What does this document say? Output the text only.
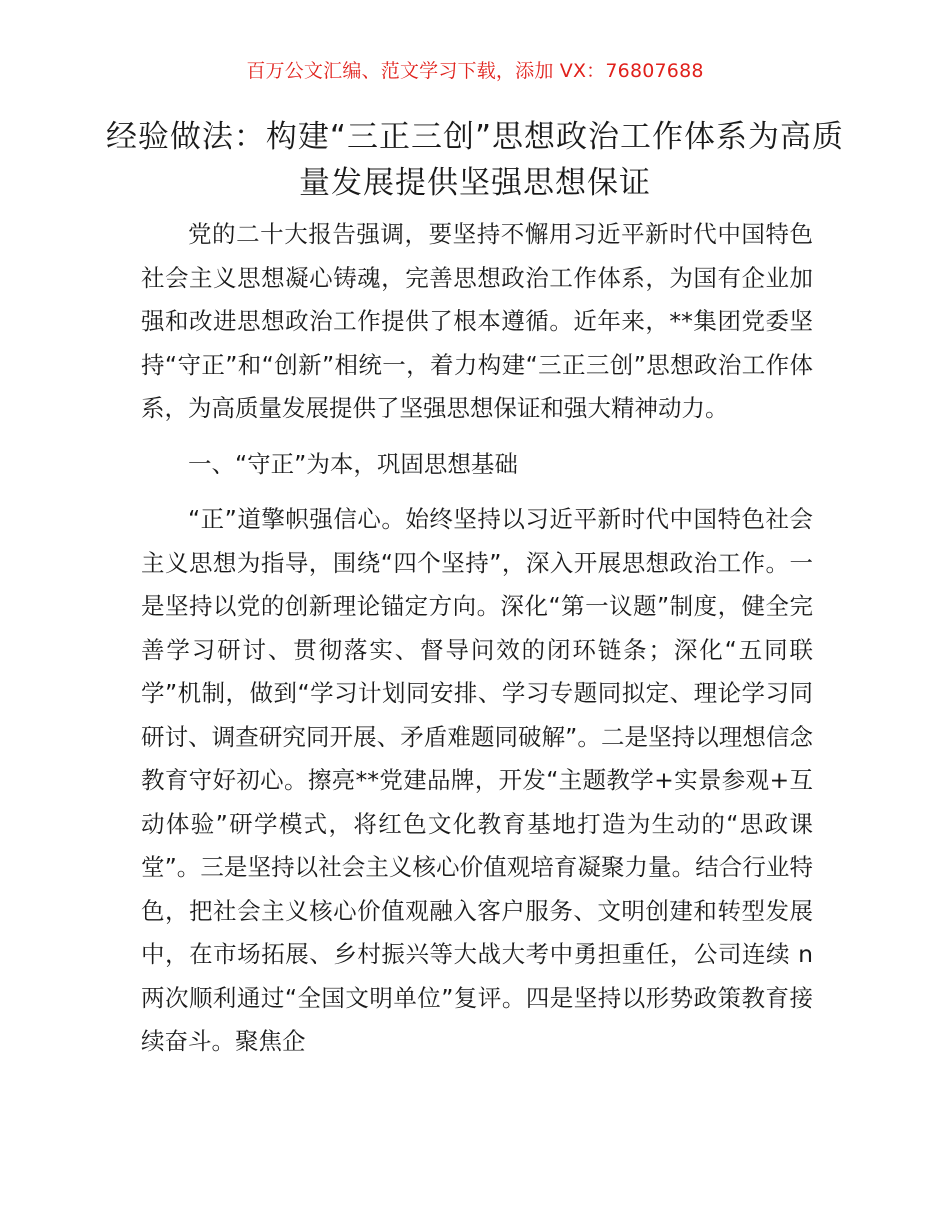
百万公文汇编、范文学习下载，添加 VX：76807688
经验做法：构建“三正三创”思想政治工作体系为高质量发展提供坚强思想保证

党的二十大报告强调，要坚持不懈用习近平新时代中国特色社会主义思想凝心铸魂，完善思想政治工作体系，为国有企业加强和改进思想政治工作提供了根本遵循。近年来，**集团党委坚持“守正”和“创新”相统一，着力构建“三正三创”思想政治工作体系，为高质量发展提供了坚强思想保证和强大精神动力。

一、“守正”为本，巩固思想基础

“正”道擎帜强信心。始终坚持以习近平新时代中国特色社会主义思想为指导，围绕“四个坚持”，深入开展思想政治工作。一是坚持以党的创新理论锚定方向。深化“第一议题”制度，健全完善学习研讨、贯彻落实、督导问效的闭环链条；深化“五同联学”机制，做到“学习计划同安排、学习专题同拟定、理论学习同研讨、调查研究同开展、矛盾难题同破解”。二是坚持以理想信念教育守好初心。擦亮**党建品牌，开发“主题教学+实景参观+互动体验”研学模式，将红色文化教育基地打造为生动的“思政课堂”。三是坚持以社会主义核心价值观培育凝聚力量。结合行业特色，把社会主义核心价值观融入客户服务、文明创建和转型发展中，在市场拓展、乡村振兴等大战大考中勇担重任，公司连续 n 两次顺利通过“全国文明单位”复评。四是坚持以形势政策教育接续奋斗。聚焦企
